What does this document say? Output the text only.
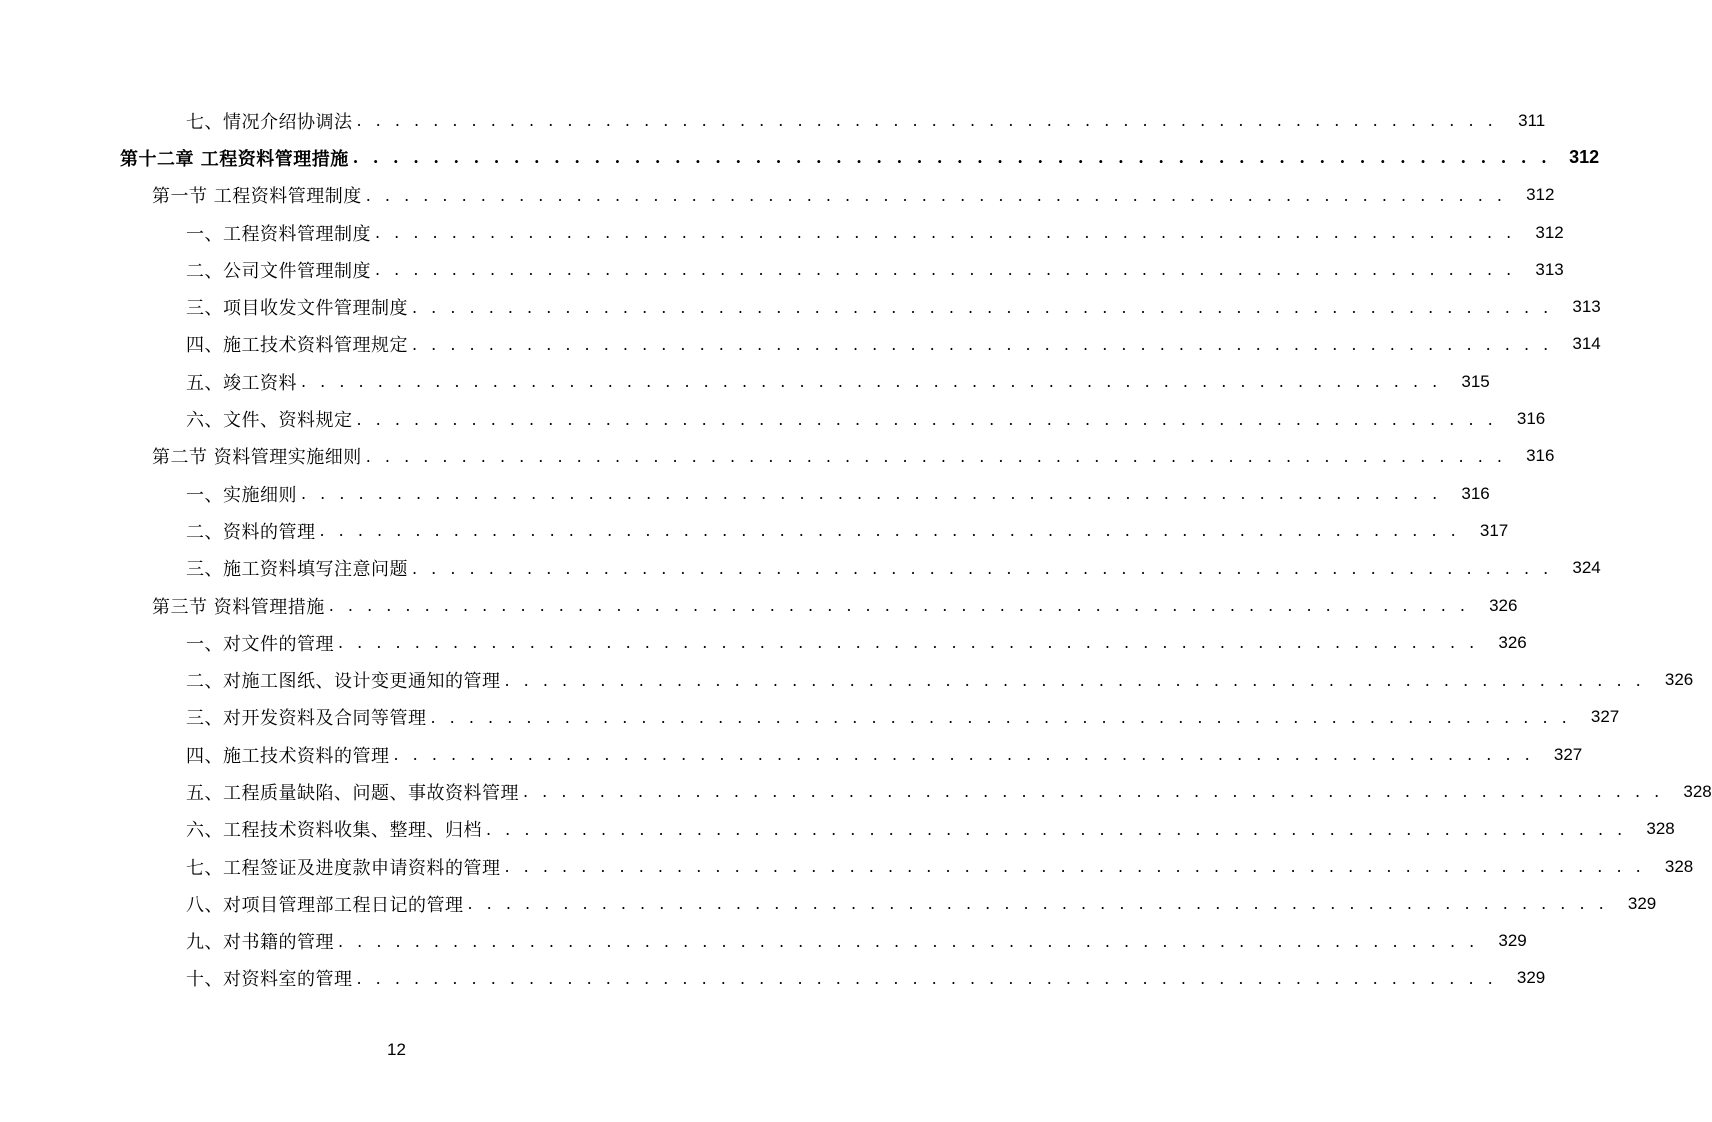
七、情况介绍协调法 . . . . . . . . . . . . . . . . . . . . . . . . . . . . . . . . . . . . . . . . . . . . . . . . . . . . . . . . . . . .	311
第十二章 工程资料管理措施 . . . . . . . . . . . . . . . . . . . . . . . . . . . . . . . . . . . . . . . . . . . . . . . . . . . . . . . . . . . . 312
第一节 工程资料管理制度 . . . . . . . . . . . . . . . . . . . . . . . . . . . . . . . . . . . . . . . . . . . . . . . . . . . . . . . . . . . .	312
一、工程资料管理制度 . . . . . . . . . . . . . . . . . . . . . . . . . . . . . . . . . . . . . . . . . . . . . . . . . . . . . . . . . . . .	312
二、公司文件管理制度 . . . . . . . . . . . . . . . . . . . . . . . . . . . . . . . . . . . . . . . . . . . . . . . . . . . . . . . . . . . .	313
三、项目收发文件管理制度 . . . . . . . . . . . . . . . . . . . . . . . . . . . . . . . . . . . . . . . . . . . . . . . . . . . . . . . . . . . .	313
四、施工技术资料管理规定 . . . . . . . . . . . . . . . . . . . . . . . . . . . . . . . . . . . . . . . . . . . . . . . . . . . . . . . . . . . .	314
五、竣工资料 . . . . . . . . . . . . . . . . . . . . . . . . . . . . . . . . . . . . . . . . . . . . . . . . . . . . . . . . . . . .	315
六、文件、资料规定 . . . . . . . . . . . . . . . . . . . . . . . . . . . . . . . . . . . . . . . . . . . . . . . . . . . . . . . . . . . .	316
第二节 资料管理实施细则 . . . . . . . . . . . . . . . . . . . . . . . . . . . . . . . . . . . . . . . . . . . . . . . . . . . . . . . . . . . .	316
一、实施细则 . . . . . . . . . . . . . . . . . . . . . . . . . . . . . . . . . . . . . . . . . . . . . . . . . . . . . . . . . . . .	316
二、资料的管理 . . . . . . . . . . . . . . . . . . . . . . . . . . . . . . . . . . . . . . . . . . . . . . . . . . . . . . . . . . . .	317
三、施工资料填写注意问题 . . . . . . . . . . . . . . . . . . . . . . . . . . . . . . . . . . . . . . . . . . . . . . . . . . . . . . . . . . . .	324
第三节 资料管理措施 . . . . . . . . . . . . . . . . . . . . . . . . . . . . . . . . . . . . . . . . . . . . . . . . . . . . . . . . . . . .	326
一、对文件的管理 . . . . . . . . . . . . . . . . . . . . . . . . . . . . . . . . . . . . . . . . . . . . . . . . . . . . . . . . . . . .	326
二、对施工图纸、设计变更通知的管理 . . . . . . . . . . . . . . . . . . . . . . . . . . . . . . . . . . . . . . . . . . . . . . . . . . . . . . . . . . . .	326
三、对开发资料及合同等管理 . . . . . . . . . . . . . . . . . . . . . . . . . . . . . . . . . . . . . . . . . . . . . . . . . . . . . . . . . . . .	327
四、施工技术资料的管理 . . . . . . . . . . . . . . . . . . . . . . . . . . . . . . . . . . . . . . . . . . . . . . . . . . . . . . . . . . . .	327
五、工程质量缺陷、问题、事故资料管理 . . . . . . . . . . . . . . . . . . . . . . . . . . . . . . . . . . . . . . . . . . . . . . . . . . . . . . . . . . . .	328
六、工程技术资料收集、整理、归档 . . . . . . . . . . . . . . . . . . . . . . . . . . . . . . . . . . . . . . . . . . . . . . . . . . . . . . . . . . . .	328
七、工程签证及进度款申请资料的管理 . . . . . . . . . . . . . . . . . . . . . . . . . . . . . . . . . . . . . . . . . . . . . . . . . . . . . . . . . . . .	328
八、对项目管理部工程日记的管理 . . . . . . . . . . . . . . . . . . . . . . . . . . . . . . . . . . . . . . . . . . . . . . . . . . . . . . . . . . . .	329
九、对书籍的管理 . . . . . . . . . . . . . . . . . . . . . . . . . . . . . . . . . . . . . . . . . . . . . . . . . . . . . . . . . . . .	329
十、对资料室的管理 . . . . . . . . . . . . . . . . . . . . . . . . . . . . . . . . . . . . . . . . . . . . . . . . . . . . . . . . . . . .	329
12
